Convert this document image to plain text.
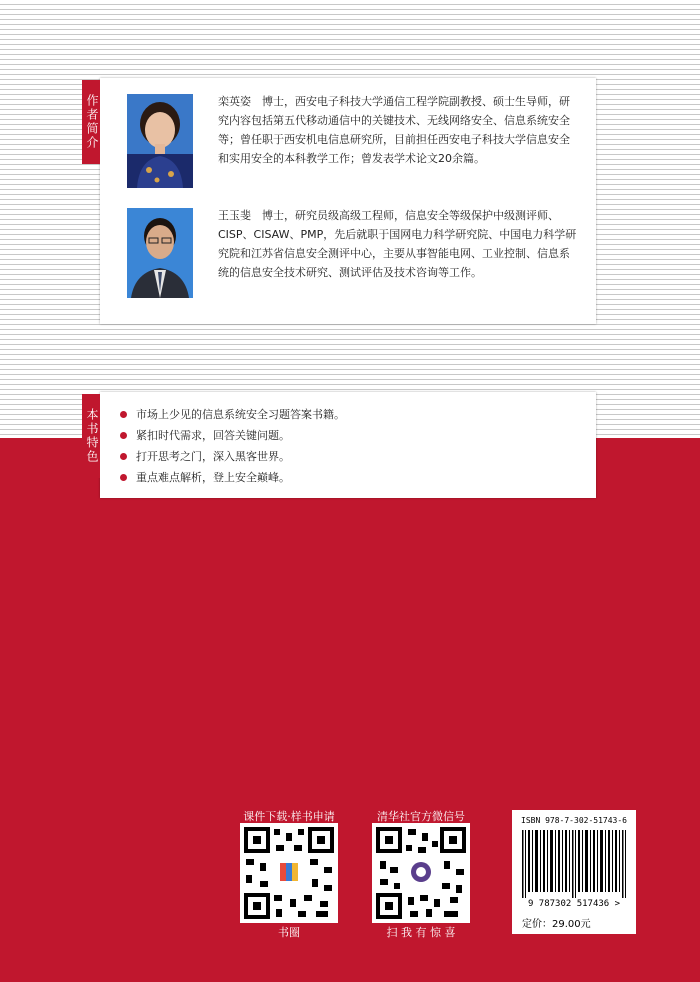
作者简介	栾英姿　博士，西安电子科技大学通信工程学院副教授、硕士生导师，研究内容包括第五代移动通信中的关键技术、无线网络安全、信息系统安全等；曾任职于西安机电信息研究所，目前担任西安电子科技大学信息安全和实用安全的本科教学工作；曾发表学术论文20余篇。
王玉斐　博士，研究员级高级工程师，信息安全等级保护中级测评师、CISP、CISAW、PMP，先后就职于国网电力科学研究院、中国电力科学研究院和江苏省信息安全测评中心，主要从事智能电网、工业控制、信息系统的信息安全技术研究、测试评估及技术咨询等工作。
本书特色	市场上少见的信息系统安全习题答案书籍。
紧扣时代需求，回答关键问题。
打开思考之门，深入黑客世界。
重点难点解析，登上安全巅峰。
课件下载·样书申请
书圈
清华社官方微信号
扫 我 有 惊 喜
ISBN 978-7-302-51743-6
9 787302 517436 >
定价：29.00元
